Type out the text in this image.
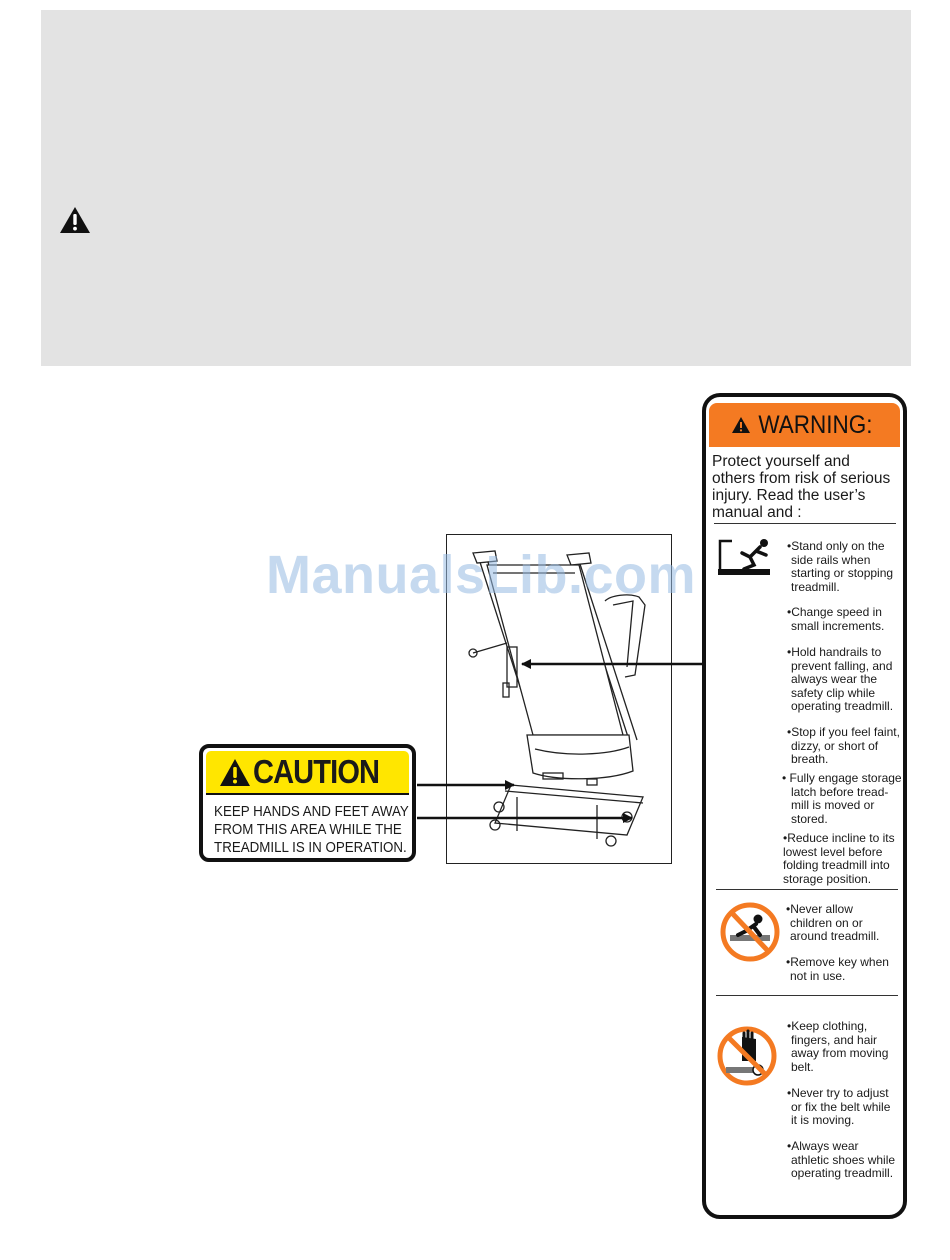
ManualsLib.com
CAUTION
KEEP HANDS AND FEET AWAY
FROM THIS AREA WHILE THE
TREADMILL IS IN OPERATION.
WARNING:
Protect yourself and
others from risk of serious
injury. Read the user’s
manual and :
•Stand only on the
side rails when
starting or stopping
treadmill.
•Change speed in
small increments.
•Hold handrails to
prevent falling, and
always wear the
safety clip while
operating treadmill.
•Stop if you feel faint,
dizzy, or short of
breath.
• Fully engage storage
latch before tread-
mill is moved or
stored.
•Reduce incline to its
lowest level before
folding treadmill into
storage position.
•Never allow
children on or
around treadmill.
•Remove key when
not in use.
•Keep clothing,
fingers, and hair
away from moving
belt.
•Never try to adjust
or fix the belt while
it is moving.
•Always wear
athletic shoes while
operating treadmill.
